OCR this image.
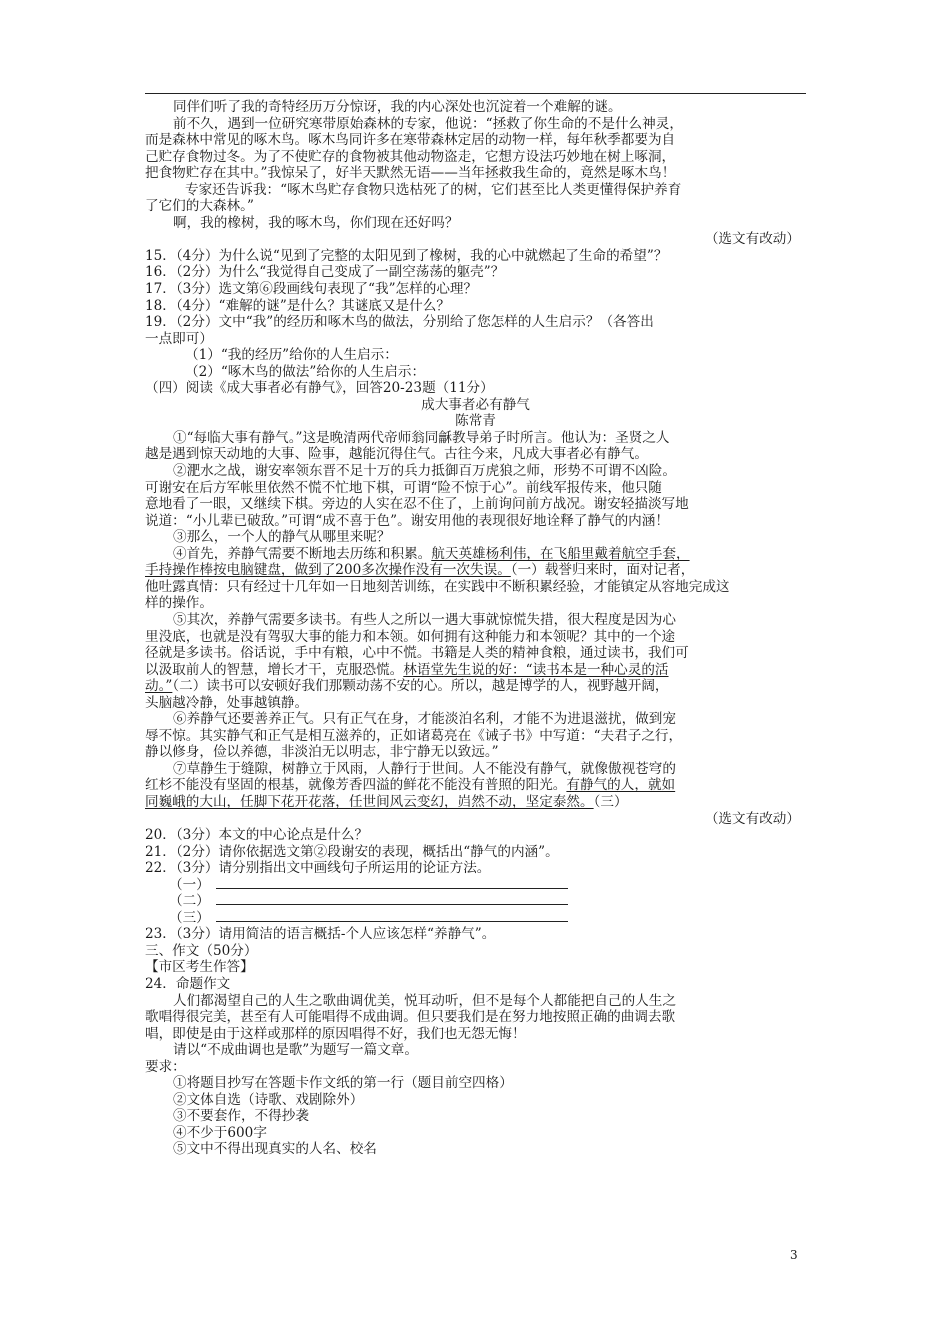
同伴们听了我的奇特经历万分惊讶，我的内心深处也沉淀着一个难解的谜。
前不久，遇到一位研究寒带原始森林的专家，他说：“拯救了你生命的不是什么神灵，
而是森林中常见的啄木鸟。啄木鸟同许多在寒带森林定居的动物一样，每年秋季都要为自
己贮存食物过冬。为了不使贮存的食物被其他动物盗走，它想方设法巧妙地在树上啄洞，
把食物贮存在其中。”我惊呆了，好半天默然无语——当年拯救我生命的，竟然是啄木鸟！
专家还告诉我：“啄木鸟贮存食物只选枯死了的树，它们甚至比人类更懂得保护养育
了它们的大森林。”
啊，我的橡树，我的啄木鸟，你们现在还好吗？
（选文有改动）
15．（4分）为什么说“见到了完整的太阳见到了橡树，我的心中就燃起了生命的希望”？
16．（2分）为什么“我觉得自己变成了一副空荡荡的躯壳”？
17．（3分）选文第⑥段画线句表现了“我”怎样的心理？
18．（4分）“难解的谜”是什么？其谜底又是什么？
19．（2分）文中“我”的经历和啄木鸟的做法，分别给了您怎样的人生启示？（各答出
一点即可）
（1）“我的经历”给你的人生启示：
（2）“啄木鸟的做法”给你的人生启示：
（四）阅读《成大事者必有静气》，回答20-23题（11分）
成大事者必有静气
陈常青
①“每临大事有静气。”这是晚清两代帝师翁同龢教导弟子时所言。他认为：圣贤之人
越是遇到惊天动地的大事、险事，越能沉得住气。古往今来，凡成大事者必有静气。
②淝水之战，谢安率领东晋不足十万的兵力抵御百万虎狼之师，形势不可谓不凶险。
可谢安在后方军帐里依然不慌不忙地下棋，可谓“险不惊于心”。前线军报传来，他只随
意地看了一眼，又继续下棋。旁边的人实在忍不住了，上前询问前方战况。谢安轻描淡写地
说道：“小儿辈已破敌。”可谓“成不喜于色”。谢安用他的表现很好地诠释了静气的内涵！
③那么，一个人的静气从哪里来呢？
④首先，养静气需要不断地去历练和积累。航天英雄杨利伟，在飞船里戴着航空手套，
手持操作棒按电脑键盘，做到了200多次操作没有一次失误。（一）载誉归来时，面对记者，
他吐露真情：只有经过十几年如一日地刻苦训练，在实践中不断积累经验，才能镇定从容地完成这
样的操作。
⑤其次，养静气需要多读书。有些人之所以一遇大事就惊慌失措，很大程度是因为心
里没底，也就是没有驾驭大事的能力和本领。如何拥有这种能力和本领呢？其中的一个途
径就是多读书。俗话说，手中有粮，心中不慌。书籍是人类的精神食粮，通过读书，我们可
以汲取前人的智慧，增长才干，克服恐慌。林语堂先生说的好：“读书本是一种心灵的活
动。”（二）读书可以安顿好我们那颗动荡不安的心。所以，越是博学的人，视野越开阔，
头脑越冷静，处事越镇静。
⑥养静气还要善养正气。只有正气在身，才能淡泊名利，才能不为进退滋扰，做到宠
辱不惊。其实静气和正气是相互滋养的，正如诸葛亮在《诫子书》中写道：“夫君子之行，
静以修身，俭以养德，非淡泊无以明志，非宁静无以致远。”
⑦草静生于缝隙，树静立于风雨，人静行于世间。人不能没有静气，就像傲视苍穹的
红杉不能没有坚固的根基，就像芳香四溢的鲜花不能没有普照的阳光。有静气的人，就如
同巍峨的大山，任脚下花开花落，任世间风云变幻，岿然不动，坚定泰然。（三）
（选文有改动）
20．（3分）本文的中心论点是什么？
21．（2分）请你依据选文第②段谢安的表现，概括出“静气的内涵”。
22．（3分）请分别指出文中画线句子所运用的论证方法。
（一）
（二）
（三）
23．（3分）请用简洁的语言概括-个人应该怎样“养静气”。
三、作文（50分）
【市区考生作答】
24．命题作文
人们都渴望自己的人生之歌曲调优美，悦耳动听，但不是每个人都能把自己的人生之
歌唱得很完美，甚至有人可能唱得不成曲调。但只要我们是在努力地按照正确的曲调去歌
唱，即使是由于这样或那样的原因唱得不好，我们也无怨无悔！
请以“不成曲调也是歌”为题写一篇文章。
要求：
①将题目抄写在答题卡作文纸的第一行（题目前空四格）
②文体自选（诗歌、戏剧除外）
③不要套作，不得抄袭
④不少于600字
⑤文中不得出现真实的人名、校名
3
